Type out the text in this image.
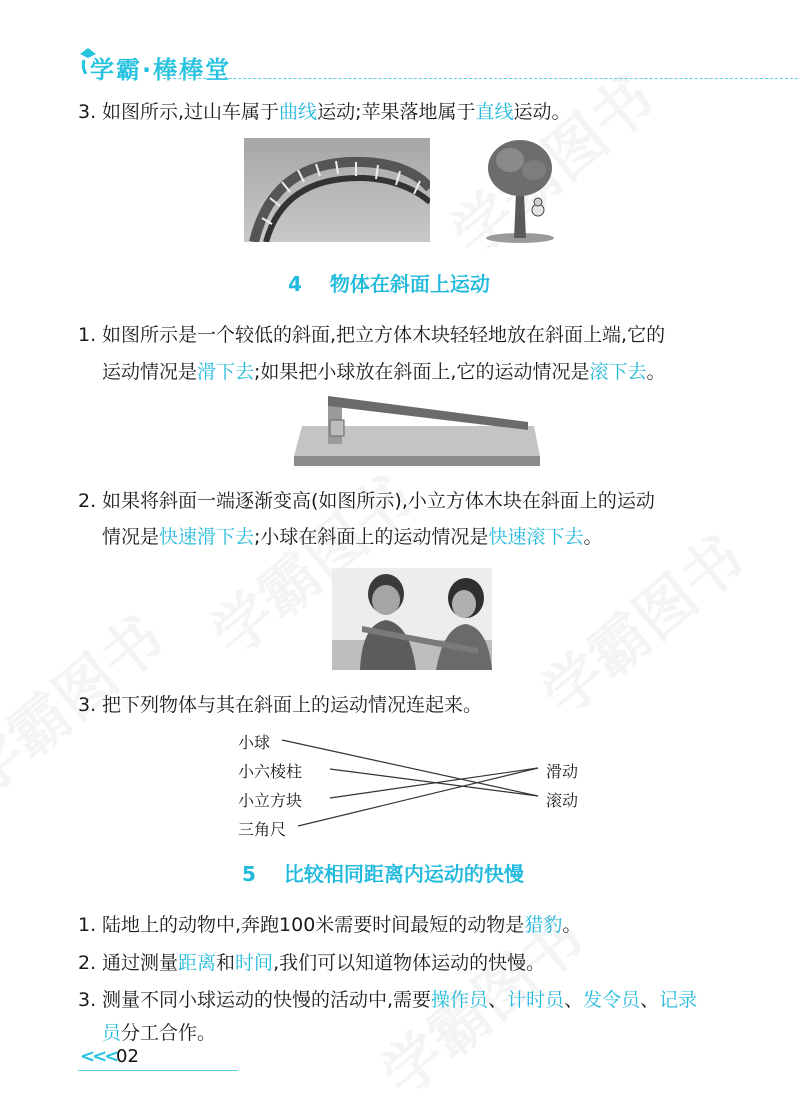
学霸·棒棒堂
3. 如图所示,过山车属于曲线运动;苹果落地属于直线运动。
4 物体在斜面上运动
1. 如图所示是一个较低的斜面,把立方体木块轻轻地放在斜面上端,它的
运动情况是滑下去;如果把小球放在斜面上,它的运动情况是滚下去。
2. 如果将斜面一端逐渐变高(如图所示),小立方体木块在斜面上的运动
情况是快速滑下去;小球在斜面上的运动情况是快速滚下去。
3. 把下列物体与其在斜面上的运动情况连起来。
小球
小六棱柱
小立方块
三角尺
滑动
滚动
5 比较相同距离内运动的快慢
1. 陆地上的动物中,奔跑100米需要时间最短的动物是猎豹。
2. 通过测量距离和时间,我们可以知道物体运动的快慢。
3. 测量不同小球运动的快慢的活动中,需要操作员、计时员、发令员、记录
员分工合作。
<<< 02
